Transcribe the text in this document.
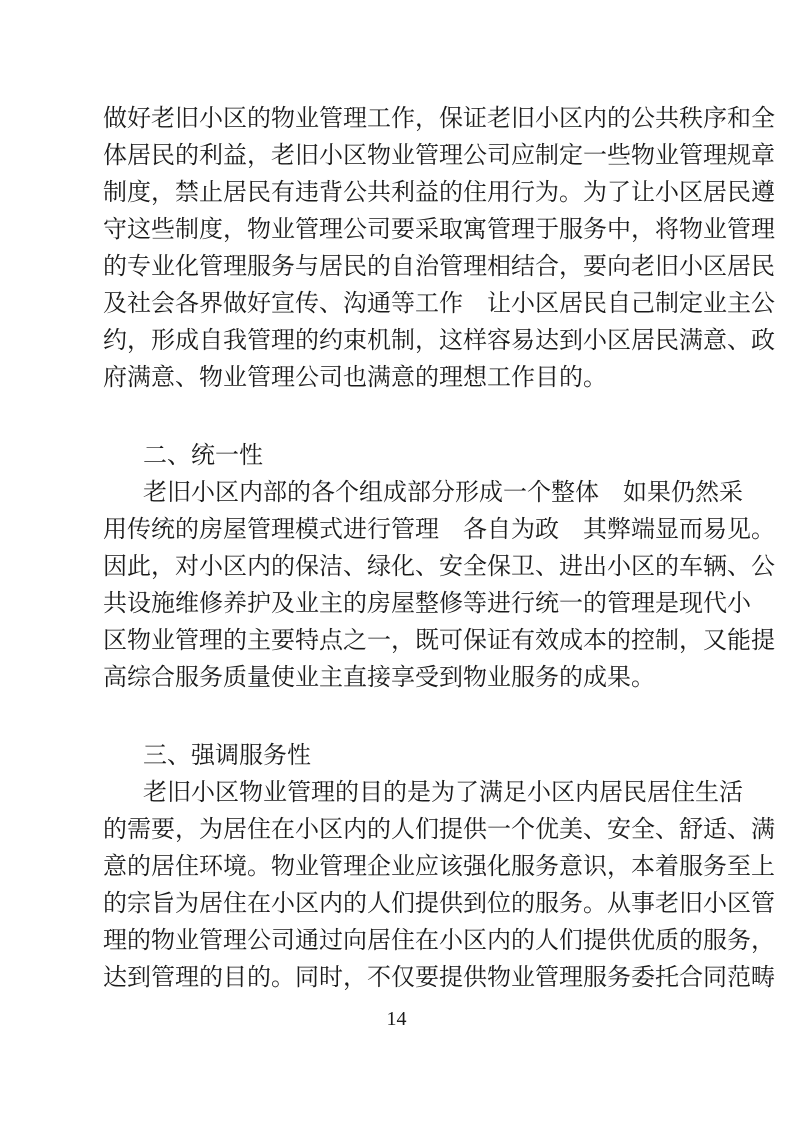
做好老旧小区的物业管理工作，保证老旧小区内的公共秩序和全
体居民的利益，老旧小区物业管理公司应制定一些物业管理规章
制度，禁止居民有违背公共利益的住用行为。为了让小区居民遵
守这些制度，物业管理公司要采取寓管理于服务中，将物业管理
的专业化管理服务与居民的自治管理相结合，要向老旧小区居民
及社会各界做好宣传、沟通等工作　让小区居民自己制定业主公
约，形成自我管理的约束机制，这样容易达到小区居民满意、政
府满意、物业管理公司也满意的理想工作目的。
二、统一性
老旧小区内部的各个组成部分形成一个整体　如果仍然采
用传统的房屋管理模式进行管理　各自为政　其弊端显而易见。
因此，对小区内的保洁、绿化、安全保卫、进出小区的车辆、公
共设施维修养护及业主的房屋整修等进行统一的管理是现代小
区物业管理的主要特点之一，既可保证有效成本的控制，又能提
高综合服务质量使业主直接享受到物业服务的成果。
三、强调服务性
老旧小区物业管理的目的是为了满足小区内居民居住生活
的需要，为居住在小区内的人们提供一个优美、安全、舒适、满
意的居住环境。物业管理企业应该强化服务意识，本着服务至上
的宗旨为居住在小区内的人们提供到位的服务。从事老旧小区管
理的物业管理公司通过向居住在小区内的人们提供优质的服务，
达到管理的目的。同时，不仅要提供物业管理服务委托合同范畴
14
